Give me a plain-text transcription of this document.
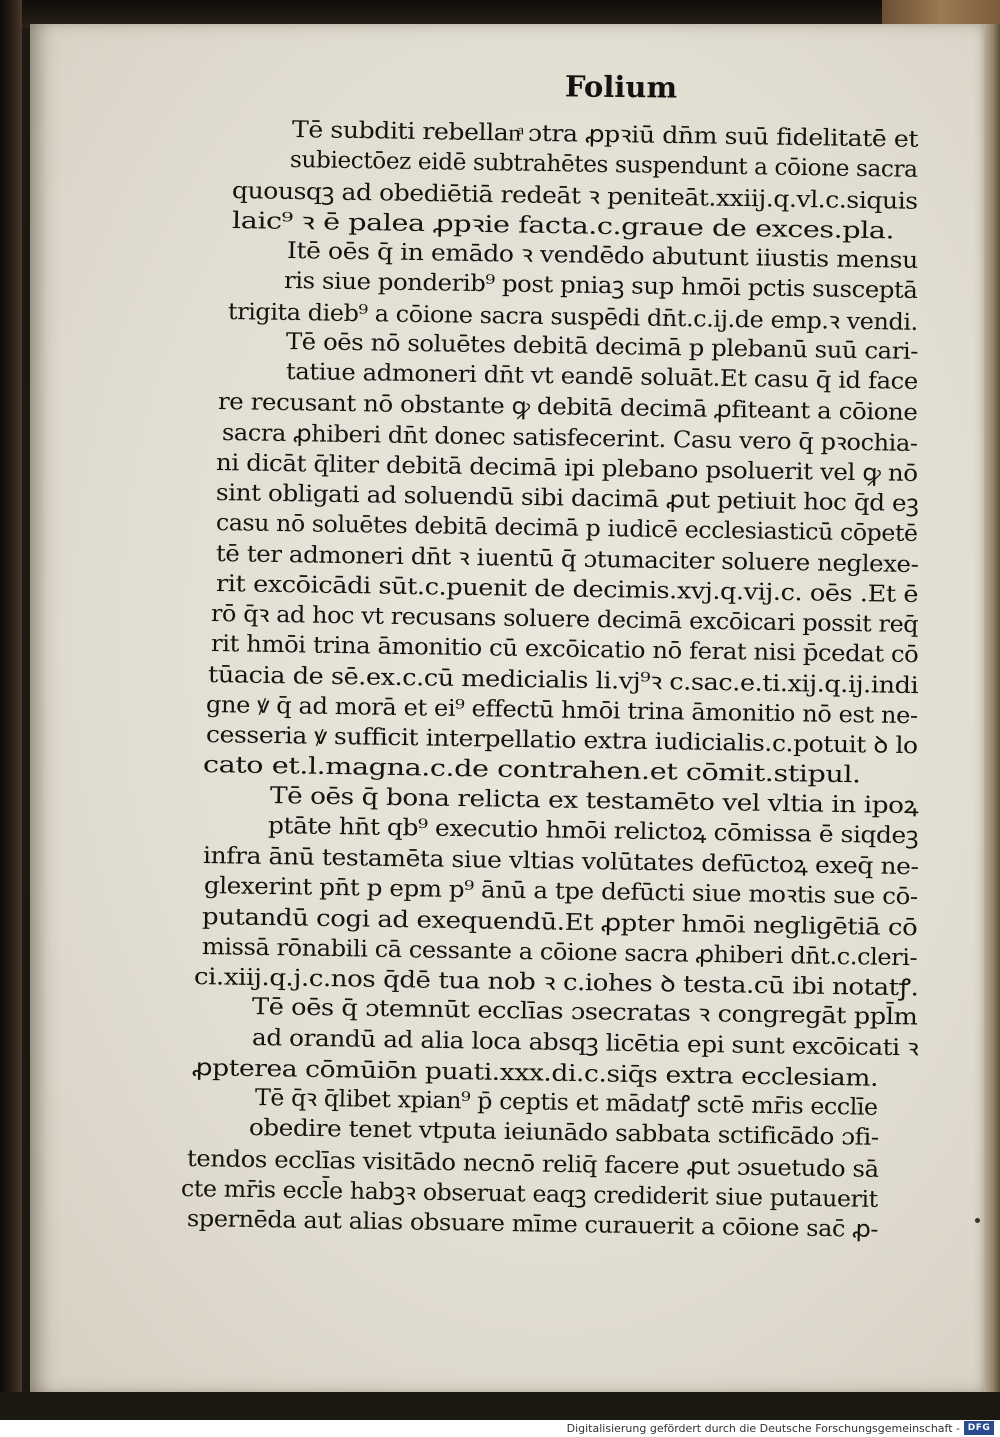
Folium
Tē subditi rebellanͣ ɔtra ꝓpꝛiū dn̄m suū fidelitatē et
subiectōez eidē subtrahētes suspendunt a cōione sacra
quousqꝫ ad obediētiā redeāt ꝛ peniteāt.xxiij.q.vl.c.siquis
laic⁹ ꝛ ē palea ꝓpꝛie facta.c.graue de exces.pla.
Itē oēs q̄ in emādo ꝛ vendēdo abutunt iiustis mensu
ris siue ponderib⁹ post pniaꝫ sup hmōi pctis susceptā
trigita dieb⁹ a cōione sacra suspēdi dn̄t.c.ij.de emp.ꝛ vendi.
Tē oēs nō soluētes debitā decimā p plebanū suū cari-
tatiue admoneri dn̄t vt eandē soluāt.Et casu q̄ id face
re recusant nō obstante ꝙ debitā decimā ꝓfiteant a cōione
sacra ꝓhiberi dn̄t donec satisfecerint. Casu vero q̄ pꝛochia-
ni dicāt q̄liter debitā decimā ipi plebano psoluerit vel ꝙ nō
sint obligati ad soluendū sibi dacimā ꝓut petiuit hoc q̄d eꝫ
casu nō soluētes debitā decimā p iudicē ecclesiasticū cōpetē
tē ter admoneri dn̄t ꝛ iuentū q̄ ɔtumaciter soluere neglexe-
rit excōicādi sūt.c.puenit de decimis.xvj.q.vij.c. oēs .Et ē
rō q̄ꝛ ad hoc vt recusans soluere decimā excōicari possit req̄
rit hmōi trina āmonitio cū excōicatio nō ferat nisi p̄cedat cō
tūacia de sē.ex.c.cū medicialis li.vj⁹ꝛ c.sac.e.ti.xij.q.ij.indi
gne ꝟ q̄ ad morā et ei⁹ effectū hmōi trina āmonitio nō est ne-
cesseria ꝟ sufficit interpellatio extra iudicialis.c.potuit ꝺ lo
cato et.l.magna.c.de contrahen.et cōmit.stipul.
Tē oēs q̄ bona relicta ex testamēto vel vltia in ipoꝝ
ptāte hn̄t qb⁹ executio hmōi relictoꝝ cōmissa ē siqdeꝫ
infra ānū testamēta siue vltias volūtates defūctoꝝ exeq̄ ne-
glexerint pn̄t p epm p⁹ ānū a tpe defūcti siue moꝛtis sue cō-
putandū cogi ad exequendū.Et ꝓpter hmōi negligētiā cō
missā rōnabili cā cessante a cōione sacra ꝓhiberi dn̄t.c.cleri-
ci.xiij.q.j.c.nos q̄dē tua nob ꝛ c.iohes ꝺ testa.cū ibi notatꝭ.
Tē oēs q̄ ɔtemnūt ecclīas ɔsecratas ꝛ congregāt ppl̄m
ad orandū ad alia loca absqꝫ licētia epi sunt excōicati ꝛ
ꝓpterea cōmūiōn puati.xxx.di.c.siq̄s extra ecclesiam.
Tē q̄ꝛ q̄libet xpian⁹ p̄ ceptis et mādatꝭ sctē mr̄is ecclīe
obedire tenet vtputa ieiunādo sabbata sctificādo ɔfi-
tendos ecclīas visitādo necnō reliq̄ facere ꝓut ɔsuetudo sā
cte mr̄is eccl̄e habꝫꝛ obseruat eaqꝫ crediderit siue putauerit
spernēda aut alias obsuare mīme curauerit a cōione sac̄ ꝓ-
Digitalisierung gefördert durch die Deutsche Forschungsgemeinschaft - DFG
